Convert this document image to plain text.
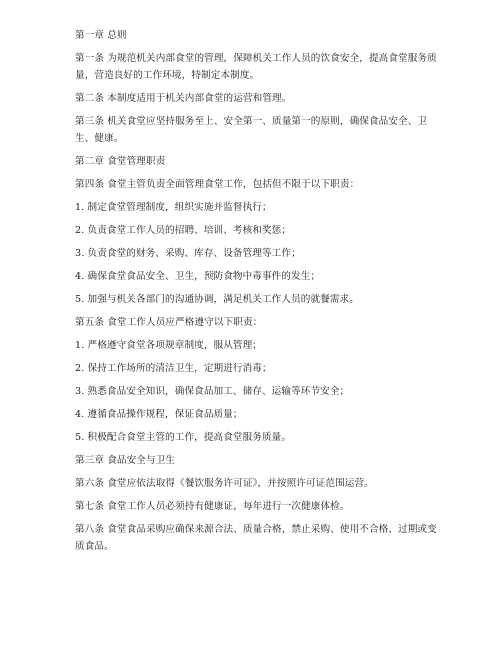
第一章 总则

第一条 为规范机关内部食堂的管理，保障机关工作人员的饮食安全，提高食堂服务质量，营造良好的工作环境，特制定本制度。

第二条 本制度适用于机关内部食堂的运营和管理。

第三条 机关食堂应坚持服务至上、安全第一、质量第一的原则，确保食品安全、卫生、健康。

第二章 食堂管理职责

第四条 食堂主管负责全面管理食堂工作，包括但不限于以下职责：

1. 制定食堂管理制度，组织实施并监督执行；

2. 负责食堂工作人员的招聘、培训、考核和奖惩；

3. 负责食堂的财务、采购、库存、设备管理等工作；

4. 确保食堂食品安全、卫生，预防食物中毒事件的发生；

5. 加强与机关各部门的沟通协调，满足机关工作人员的就餐需求。

第五条 食堂工作人员应严格遵守以下职责：

1. 严格遵守食堂各项规章制度，服从管理；

2. 保持工作场所的清洁卫生，定期进行消毒；

3. 熟悉食品安全知识，确保食品加工、储存、运输等环节安全；

4. 遵循食品操作规程，保证食品质量；

5. 积极配合食堂主管的工作，提高食堂服务质量。

第三章 食品安全与卫生

第六条 食堂应依法取得《餐饮服务许可证》，并按照许可证范围运营。

第七条 食堂工作人员必须持有健康证，每年进行一次健康体检。

第八条 食堂食品采购应确保来源合法、质量合格，禁止采购、使用不合格、过期或变质食品。
